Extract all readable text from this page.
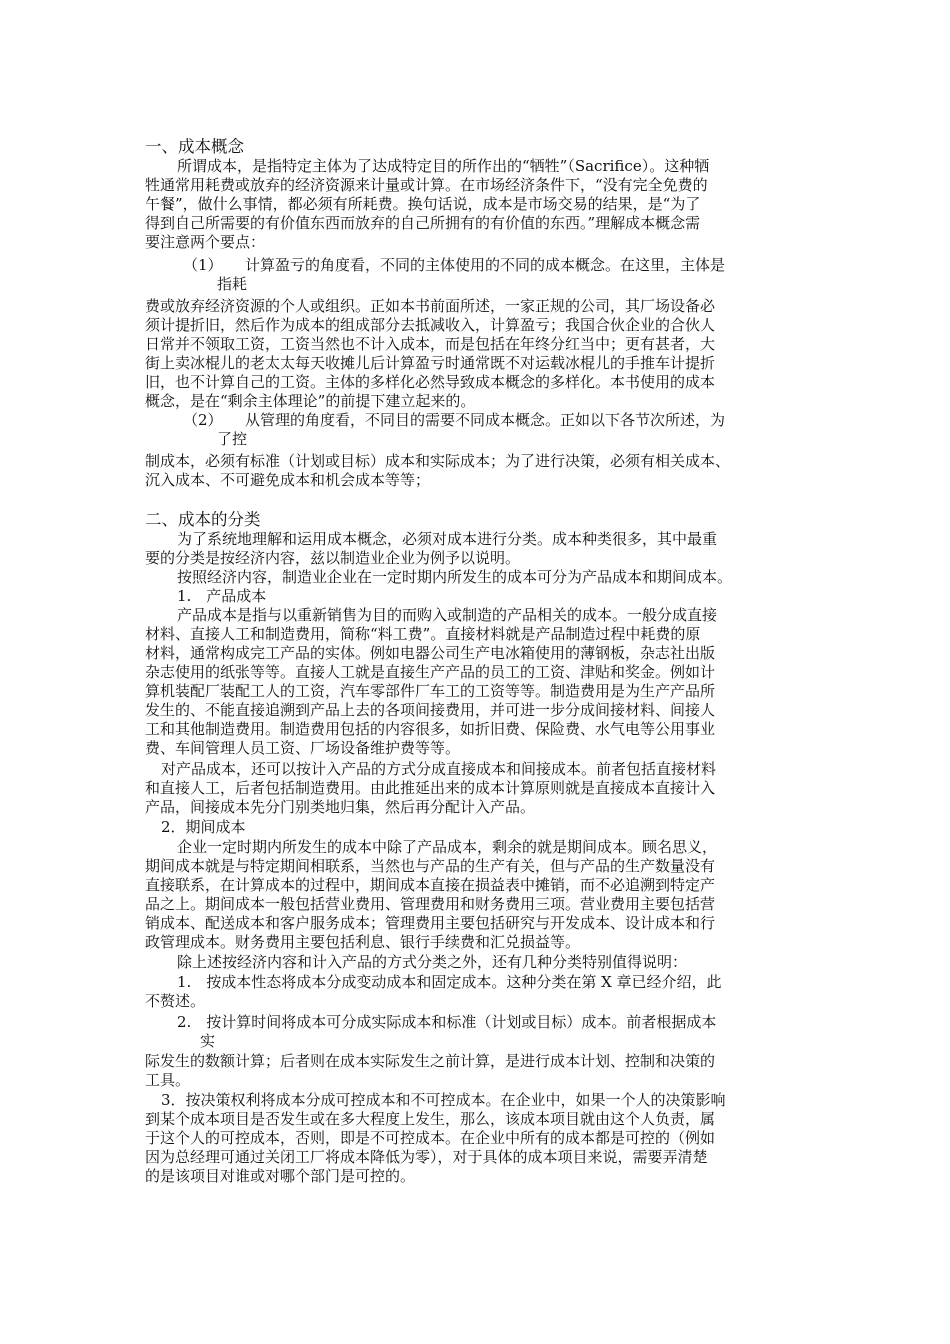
一、成本概念

所谓成本，是指特定主体为了达成特定目的所作出的“牺牲”（Sacrifice）。这种牺

牲通常用耗费或放弃的经济资源来计量或计算。在市场经济条件下，“没有完全免费的

午餐”，做什么事情，都必须有所耗费。换句话说，成本是市场交易的结果，是“为了

得到自己所需要的有价值东西而放弃的自己所拥有的有价值的东西。”理解成本概念需

要注意两个要点：

（1） 计算盈亏的角度看，不同的主体使用的不同的成本概念。在这里，主体是

指耗

费或放弃经济资源的个人或组织。正如本书前面所述，一家正规的公司，其厂场设备必

须计提折旧，然后作为成本的组成部分去抵减收入，计算盈亏；我国合伙企业的合伙人

日常并不领取工资，工资当然也不计入成本，而是包括在年终分红当中；更有甚者，大

街上卖冰棍儿的老太太每天收摊儿后计算盈亏时通常既不对运载冰棍儿的手推车计提折

旧，也不计算自己的工资。主体的多样化必然导致成本概念的多样化。本书使用的成本

概念，是在“剩余主体理论”的前提下建立起来的。

（2） 从管理的角度看，不同目的需要不同成本概念。正如以下各节次所述，为

了控

制成本，必须有标准（计划或目标）成本和实际成本；为了进行决策，必须有相关成本、

沉入成本、不可避免成本和机会成本等等；

二、成本的分类

为了系统地理解和运用成本概念，必须对成本进行分类。成本种类很多，其中最重

要的分类是按经济内容，兹以制造业企业为例予以说明。

按照经济内容，制造业企业在一定时期内所发生的成本可分为产品成本和期间成本。

1.　产品成本

产品成本是指与以重新销售为目的而购入或制造的产品相关的成本。一般分成直接

材料、直接人工和制造费用，简称“料工费”。直接材料就是产品制造过程中耗费的原

材料，通常构成完工产品的实体。例如电器公司生产电冰箱使用的薄钢板，杂志社出版

杂志使用的纸张等等。直接人工就是直接生产产品的员工的工资、津贴和奖金。例如计

算机装配厂装配工人的工资，汽车零部件厂车工的工资等等。制造费用是为生产产品所

发生的、不能直接追溯到产品上去的各项间接费用，并可进一步分成间接材料、间接人

工和其他制造费用。制造费用包括的内容很多，如折旧费、保险费、水气电等公用事业

费、车间管理人员工资、厂场设备维护费等等。

对产品成本，还可以按计入产品的方式分成直接成本和间接成本。前者包括直接材料

和直接人工，后者包括制造费用。由此推延出来的成本计算原则就是直接成本直接计入

产品，间接成本先分门别类地归集，然后再分配计入产品。

2．期间成本

企业一定时期内所发生的成本中除了产品成本，剩余的就是期间成本。顾名思义，

期间成本就是与特定期间相联系，当然也与产品的生产有关，但与产品的生产数量没有

直接联系，在计算成本的过程中，期间成本直接在损益表中摊销，而不必追溯到特定产

品之上。期间成本一般包括营业费用、管理费用和财务费用三项。营业费用主要包括营

销成本、配送成本和客户服务成本；管理费用主要包括研究与开发成本、设计成本和行

政管理成本。财务费用主要包括利息、银行手续费和汇兑损益等。

除上述按经济内容和计入产品的方式分类之外，还有几种分类特别值得说明：

1.　按成本性态将成本分成变动成本和固定成本。这种分类在第 X 章已经介绍，此

不赘述。

2.　按计算时间将成本可分成实际成本和标准（计划或目标）成本。前者根据成本

实

际发生的数额计算；后者则在成本实际发生之前计算，是进行成本计划、控制和决策的

工具。

3．按决策权利将成本分成可控成本和不可控成本。在企业中，如果一个人的决策影响

到某个成本项目是否发生或在多大程度上发生，那么，该成本项目就由这个人负责，属

于这个人的可控成本，否则，即是不可控成本。在企业中所有的成本都是可控的（例如

因为总经理可通过关闭工厂将成本降低为零），对于具体的成本项目来说，需要弄清楚

的是该项目对谁或对哪个部门是可控的。
